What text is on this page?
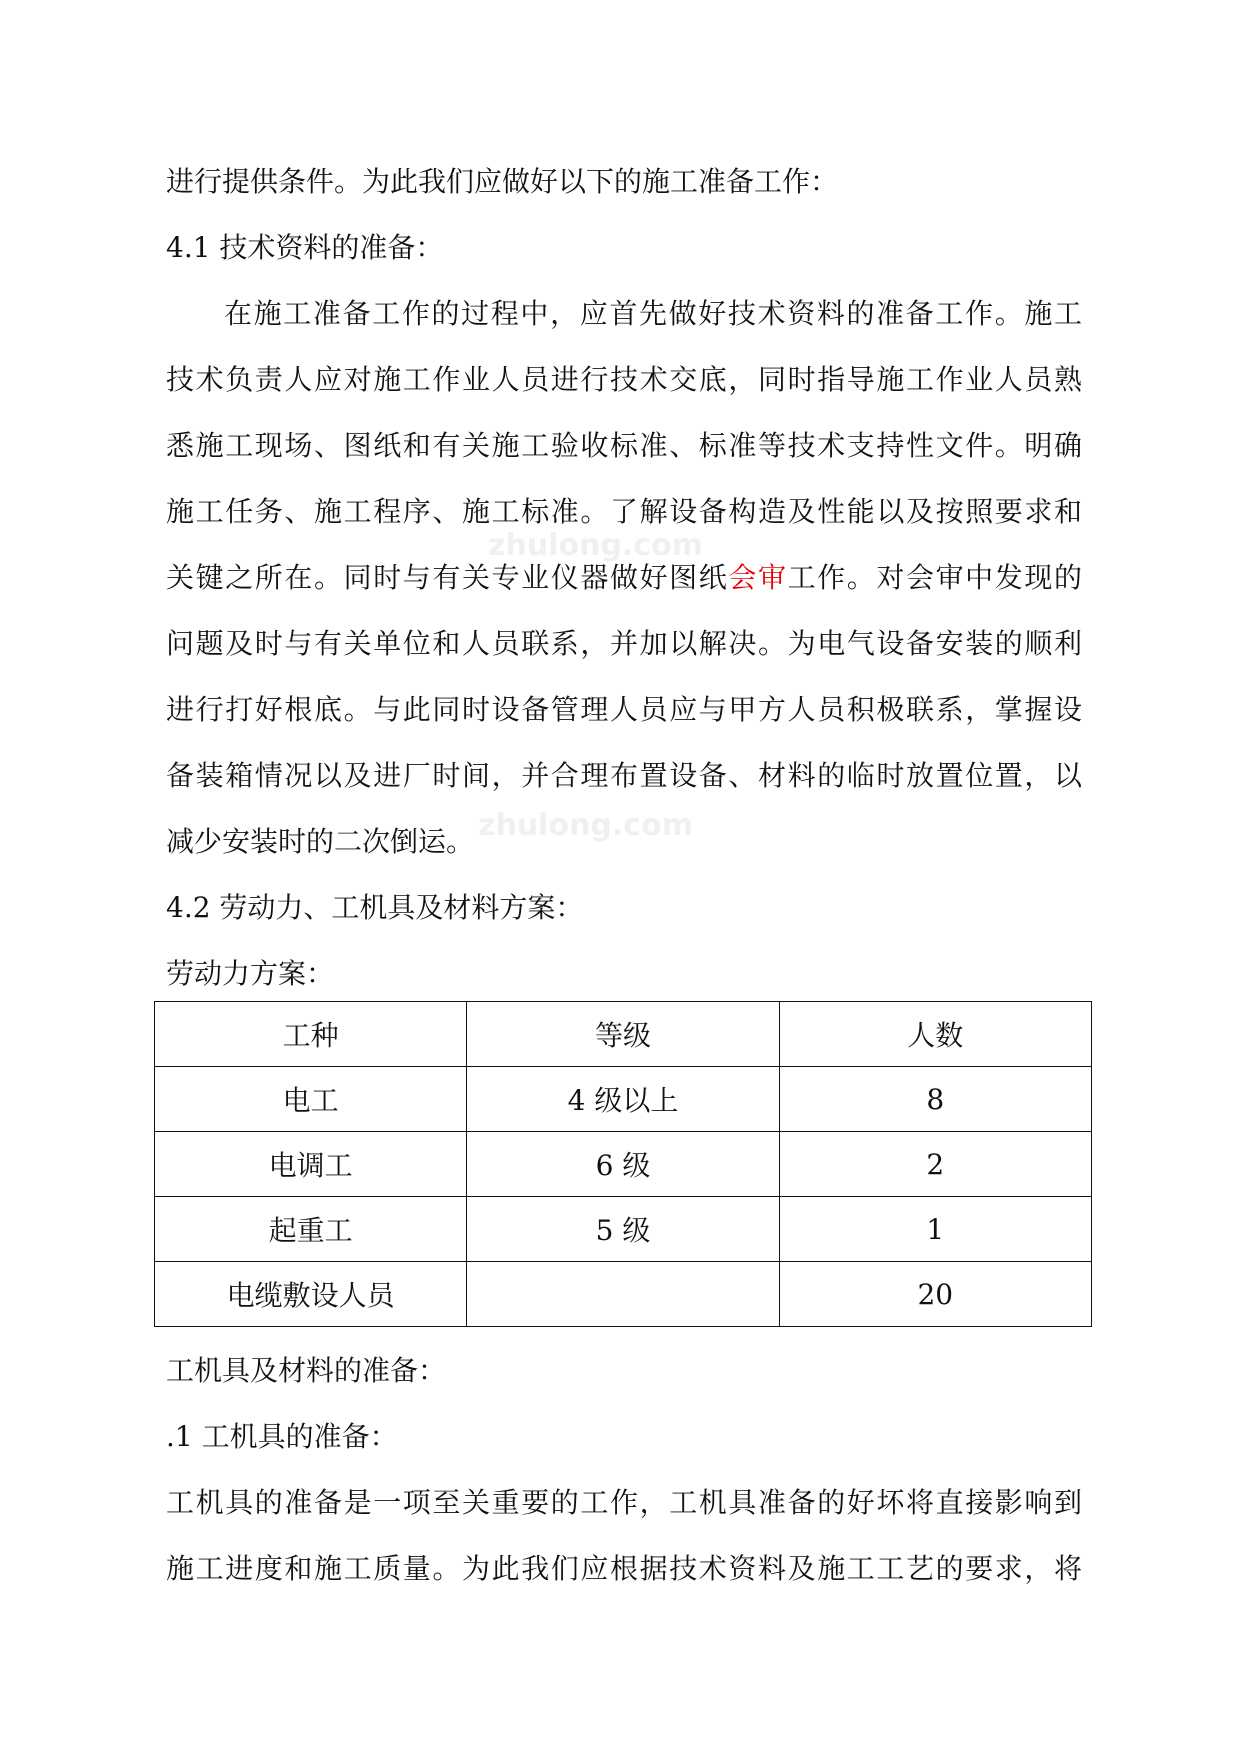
zhulong.com
zhulong.com
进行提供条件。为此我们应做好以下的施工准备工作：
4.1 技术资料的准备：
在施工准备工作的过程中，应首先做好技术资料的准备工作。施工
技术负责人应对施工作业人员进行技术交底，同时指导施工作业人员熟
悉施工现场、图纸和有关施工验收标准、标准等技术支持性文件。明确
施工任务、施工程序、施工标准。了解设备构造及性能以及按照要求和
关键之所在。同时与有关专业仪器做好图纸会审工作。对会审中发现的
问题及时与有关单位和人员联系，并加以解决。为电气设备安装的顺利
进行打好根底。与此同时设备管理人员应与甲方人员积极联系，掌握设
备装箱情况以及进厂时间，并合理布置设备、材料的临时放置位置，以
减少安装时的二次倒运。
4.2 劳动力、工机具及材料方案：
劳动力方案：
工种	等级	人数
电工	4 级以上	8
电调工	6 级	2
起重工	5 级	1
电缆敷设人员		20
工机具及材料的准备：
.1 工机具的准备：
工机具的准备是一项至关重要的工作，工机具准备的好坏将直接影响到
施工进度和施工质量。为此我们应根据技术资料及施工工艺的要求，将
